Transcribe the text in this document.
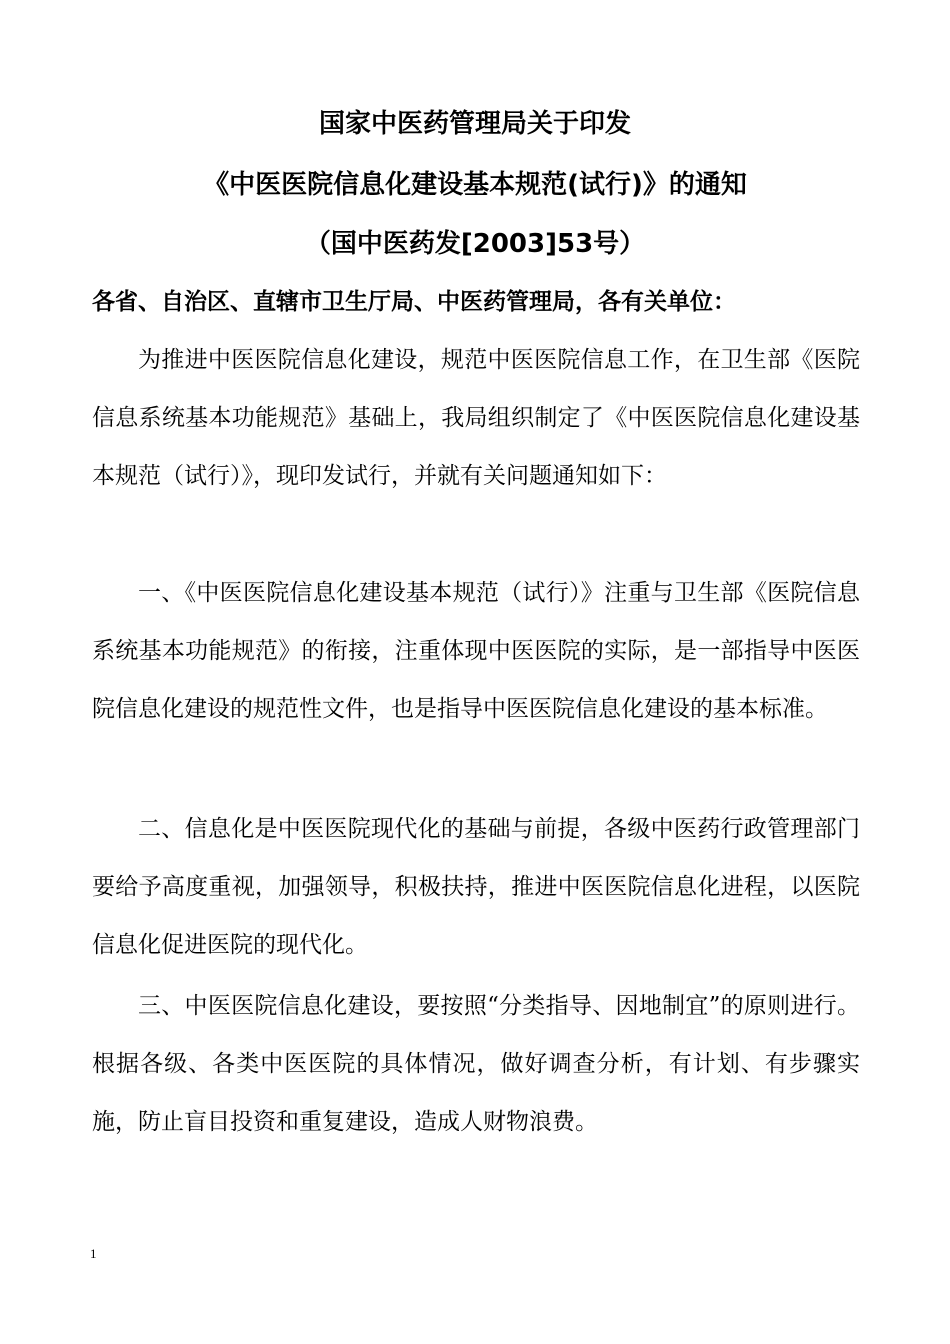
国家中医药管理局关于印发
《中医医院信息化建设基本规范(试行)》的通知
（国中医药发[2003]53号）
各省、自治区、直辖市卫生厅局、中医药管理局，各有关单位：

为推进中医医院信息化建设，规范中医医院信息工作，在卫生部《医院信息系统基本功能规范》基础上，我局组织制定了《中医医院信息化建设基本规范（试行）》，现印发试行，并就有关问题通知如下：

一、《中医医院信息化建设基本规范（试行）》注重与卫生部《医院信息系统基本功能规范》的衔接，注重体现中医医院的实际，是一部指导中医医院信息化建设的规范性文件，也是指导中医医院信息化建设的基本标准。

二、信息化是中医医院现代化的基础与前提，各级中医药行政管理部门要给予高度重视，加强领导，积极扶持，推进中医医院信息化进程，以医院信息化促进医院的现代化。

三、中医医院信息化建设，要按照“分类指导、因地制宜”的原则进行。根据各级、各类中医医院的具体情况，做好调查分析，有计划、有步骤实施，防止盲目投资和重复建设，造成人财物浪费。

1
